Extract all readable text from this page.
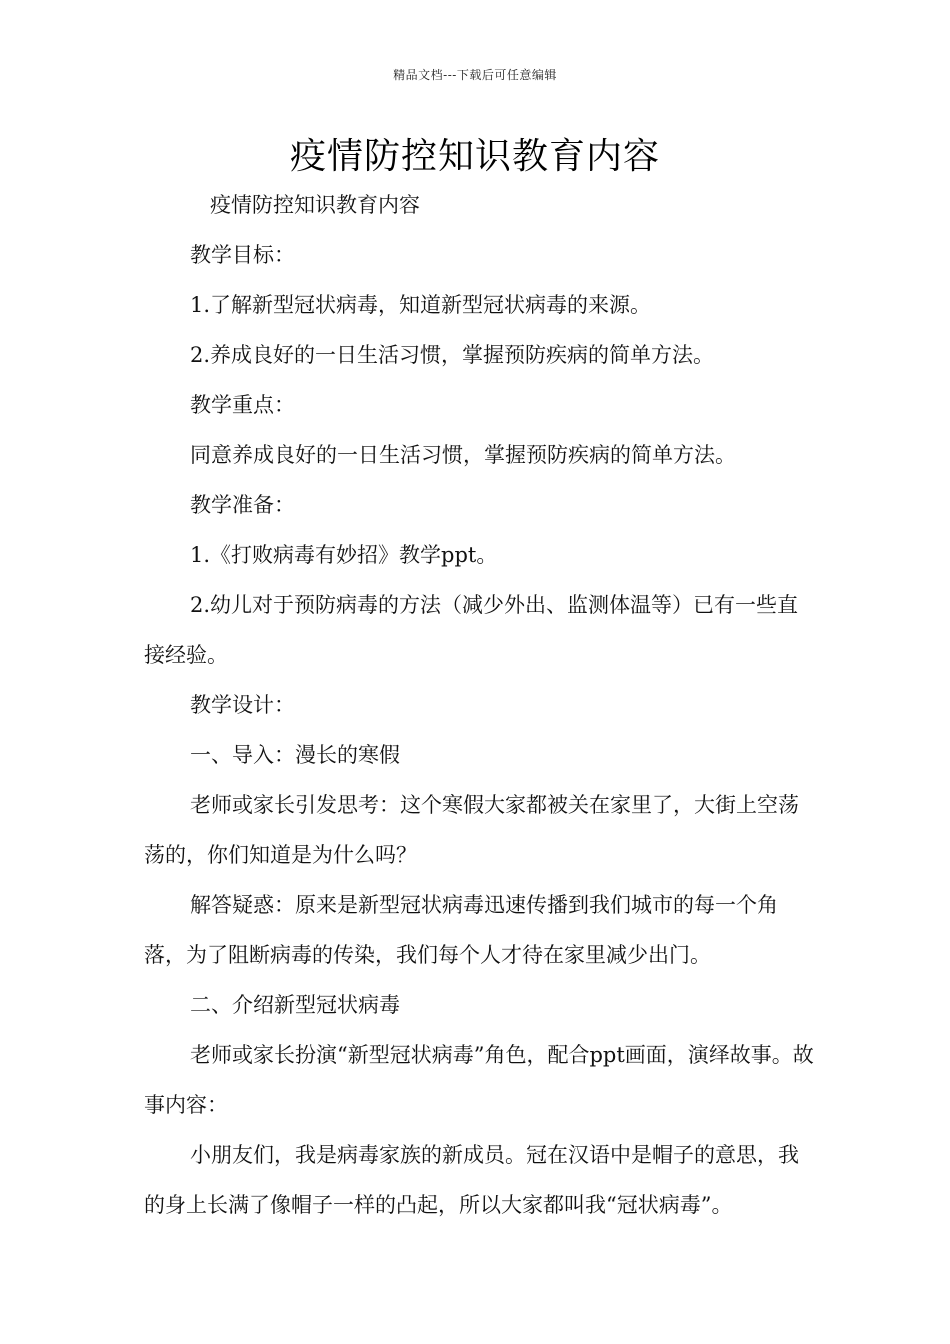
精品文档---下载后可任意编辑
疫情防控知识教育内容

疫情防控知识教育内容

教学目标：

1.了解新型冠状病毒，知道新型冠状病毒的来源。

2.养成良好的一日生活习惯，掌握预防疾病的简单方法。

教学重点：

同意养成良好的一日生活习惯，掌握预防疾病的简单方法。

教学准备：

1.《打败病毒有妙招》教学ppt。

2.幼儿对于预防病毒的方法（减少外出、监测体温等）已有一些直接经验。

教学设计：

一、导入：漫长的寒假

老师或家长引发思考：这个寒假大家都被关在家里了，大街上空荡荡的，你们知道是为什么吗？

解答疑惑：原来是新型冠状病毒迅速传播到我们城市的每一个角落，为了阻断病毒的传染，我们每个人才待在家里减少出门。

二、介绍新型冠状病毒

老师或家长扮演“新型冠状病毒”角色，配合ppt画面，演绎故事。故事内容：

小朋友们，我是病毒家族的新成员。冠在汉语中是帽子的意思，我的身上长满了像帽子一样的凸起，所以大家都叫我“冠状病毒”。
